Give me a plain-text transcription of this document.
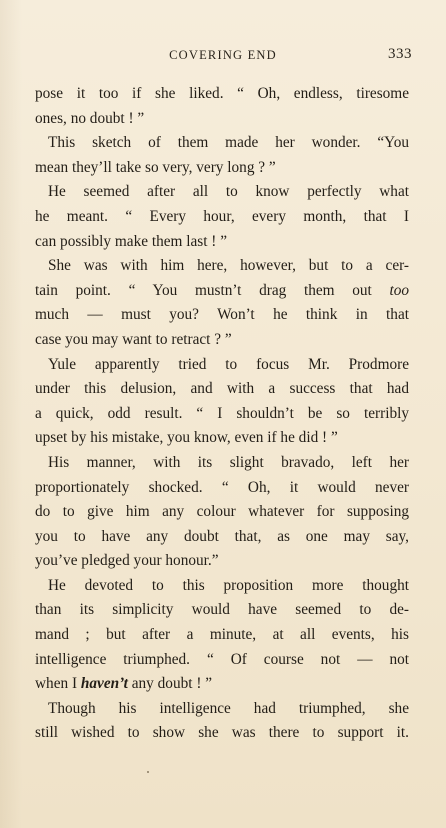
COVERING END	333
pose it too if she liked. “ Oh, endless, tiresome
ones, no doubt ! ”
This sketch of them made her wonder. “You
mean they’ll take so very, very long ? ”
He seemed after all to know perfectly what
he meant. “ Every hour, every month, that I
can possibly make them last ! ”
She was with him here, however, but to a cer-
tain point. “ You mustn’t drag them out too
much — must you? Won’t he think in that
case you may want to retract ? ”
Yule apparently tried to focus Mr. Prodmore
under this delusion, and with a success that had
a quick, odd result. “ I shouldn’t be so terribly
upset by his mistake, you know, even if he did ! ”
His manner, with its slight bravado, left her
proportionately shocked. “ Oh, it would never
do to give him any colour whatever for supposing
you to have any doubt that, as one may say,
you’ve pledged your honour.”
He devoted to this proposition more thought
than its simplicity would have seemed to de-
mand ; but after a minute, at all events, his
intelligence triumphed. “ Of course not — not
when I haven’t any doubt ! ”
Though his intelligence had triumphed, she
still wished to show she was there to support it.
